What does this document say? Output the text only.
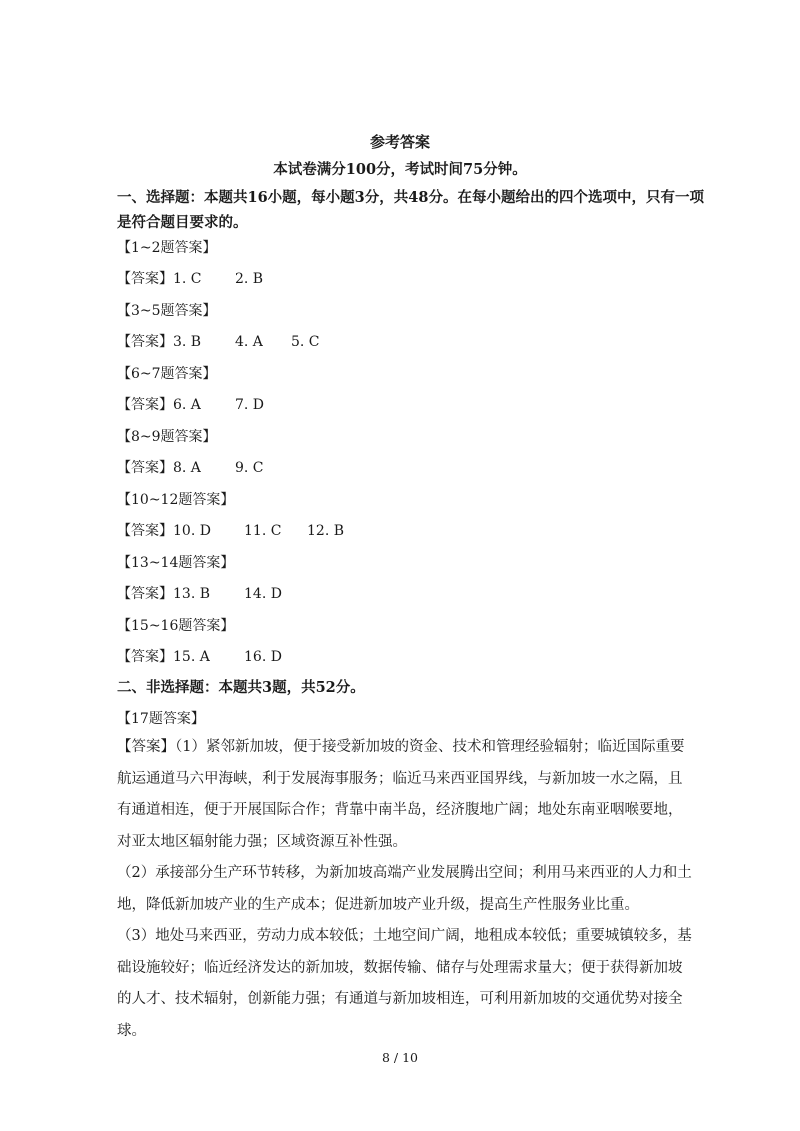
参考答案
本试卷满分100分，考试时间75分钟。
一、选择题：本题共16小题，每小题3分，共48分。在每小题给出的四个选项中，只有一项
是符合题目要求的。
【1~2题答案】
【答案】1. C 2. B
【3~5题答案】
【答案】3. B 4. A 5. C
【6~7题答案】
【答案】6. A 7. D
【8~9题答案】
【答案】8. A 9. C
【10~12题答案】
【答案】10. D 11. C 12. B
【13~14题答案】
【答案】13. B 14. D
【15~16题答案】
【答案】15. A 16. D
二、非选择题：本题共3题，共52分。
【17题答案】
【答案】（1）紧邻新加坡，便于接受新加坡的资金、技术和管理经验辐射；临近国际重要航运通道马六甲海峡，利于发展海事服务；临近马来西亚国界线，与新加坡一水之隔，且有通道相连，便于开展国际合作；背靠中南半岛，经济腹地广阔；地处东南亚咽喉要地，对亚太地区辐射能力强；区域资源互补性强。
（2）承接部分生产环节转移，为新加坡高端产业发展腾出空间；利用马来西亚的人力和土地，降低新加坡产业的生产成本；促进新加坡产业升级，提高生产性服务业比重。
（3）地处马来西亚，劳动力成本较低；土地空间广阔，地租成本较低；重要城镇较多，基础设施较好；临近经济发达的新加坡，数据传输、储存与处理需求量大；便于获得新加坡的人才、技术辐射，创新能力强；有通道与新加坡相连，可利用新加坡的交通优势对接全球。
8 / 10
